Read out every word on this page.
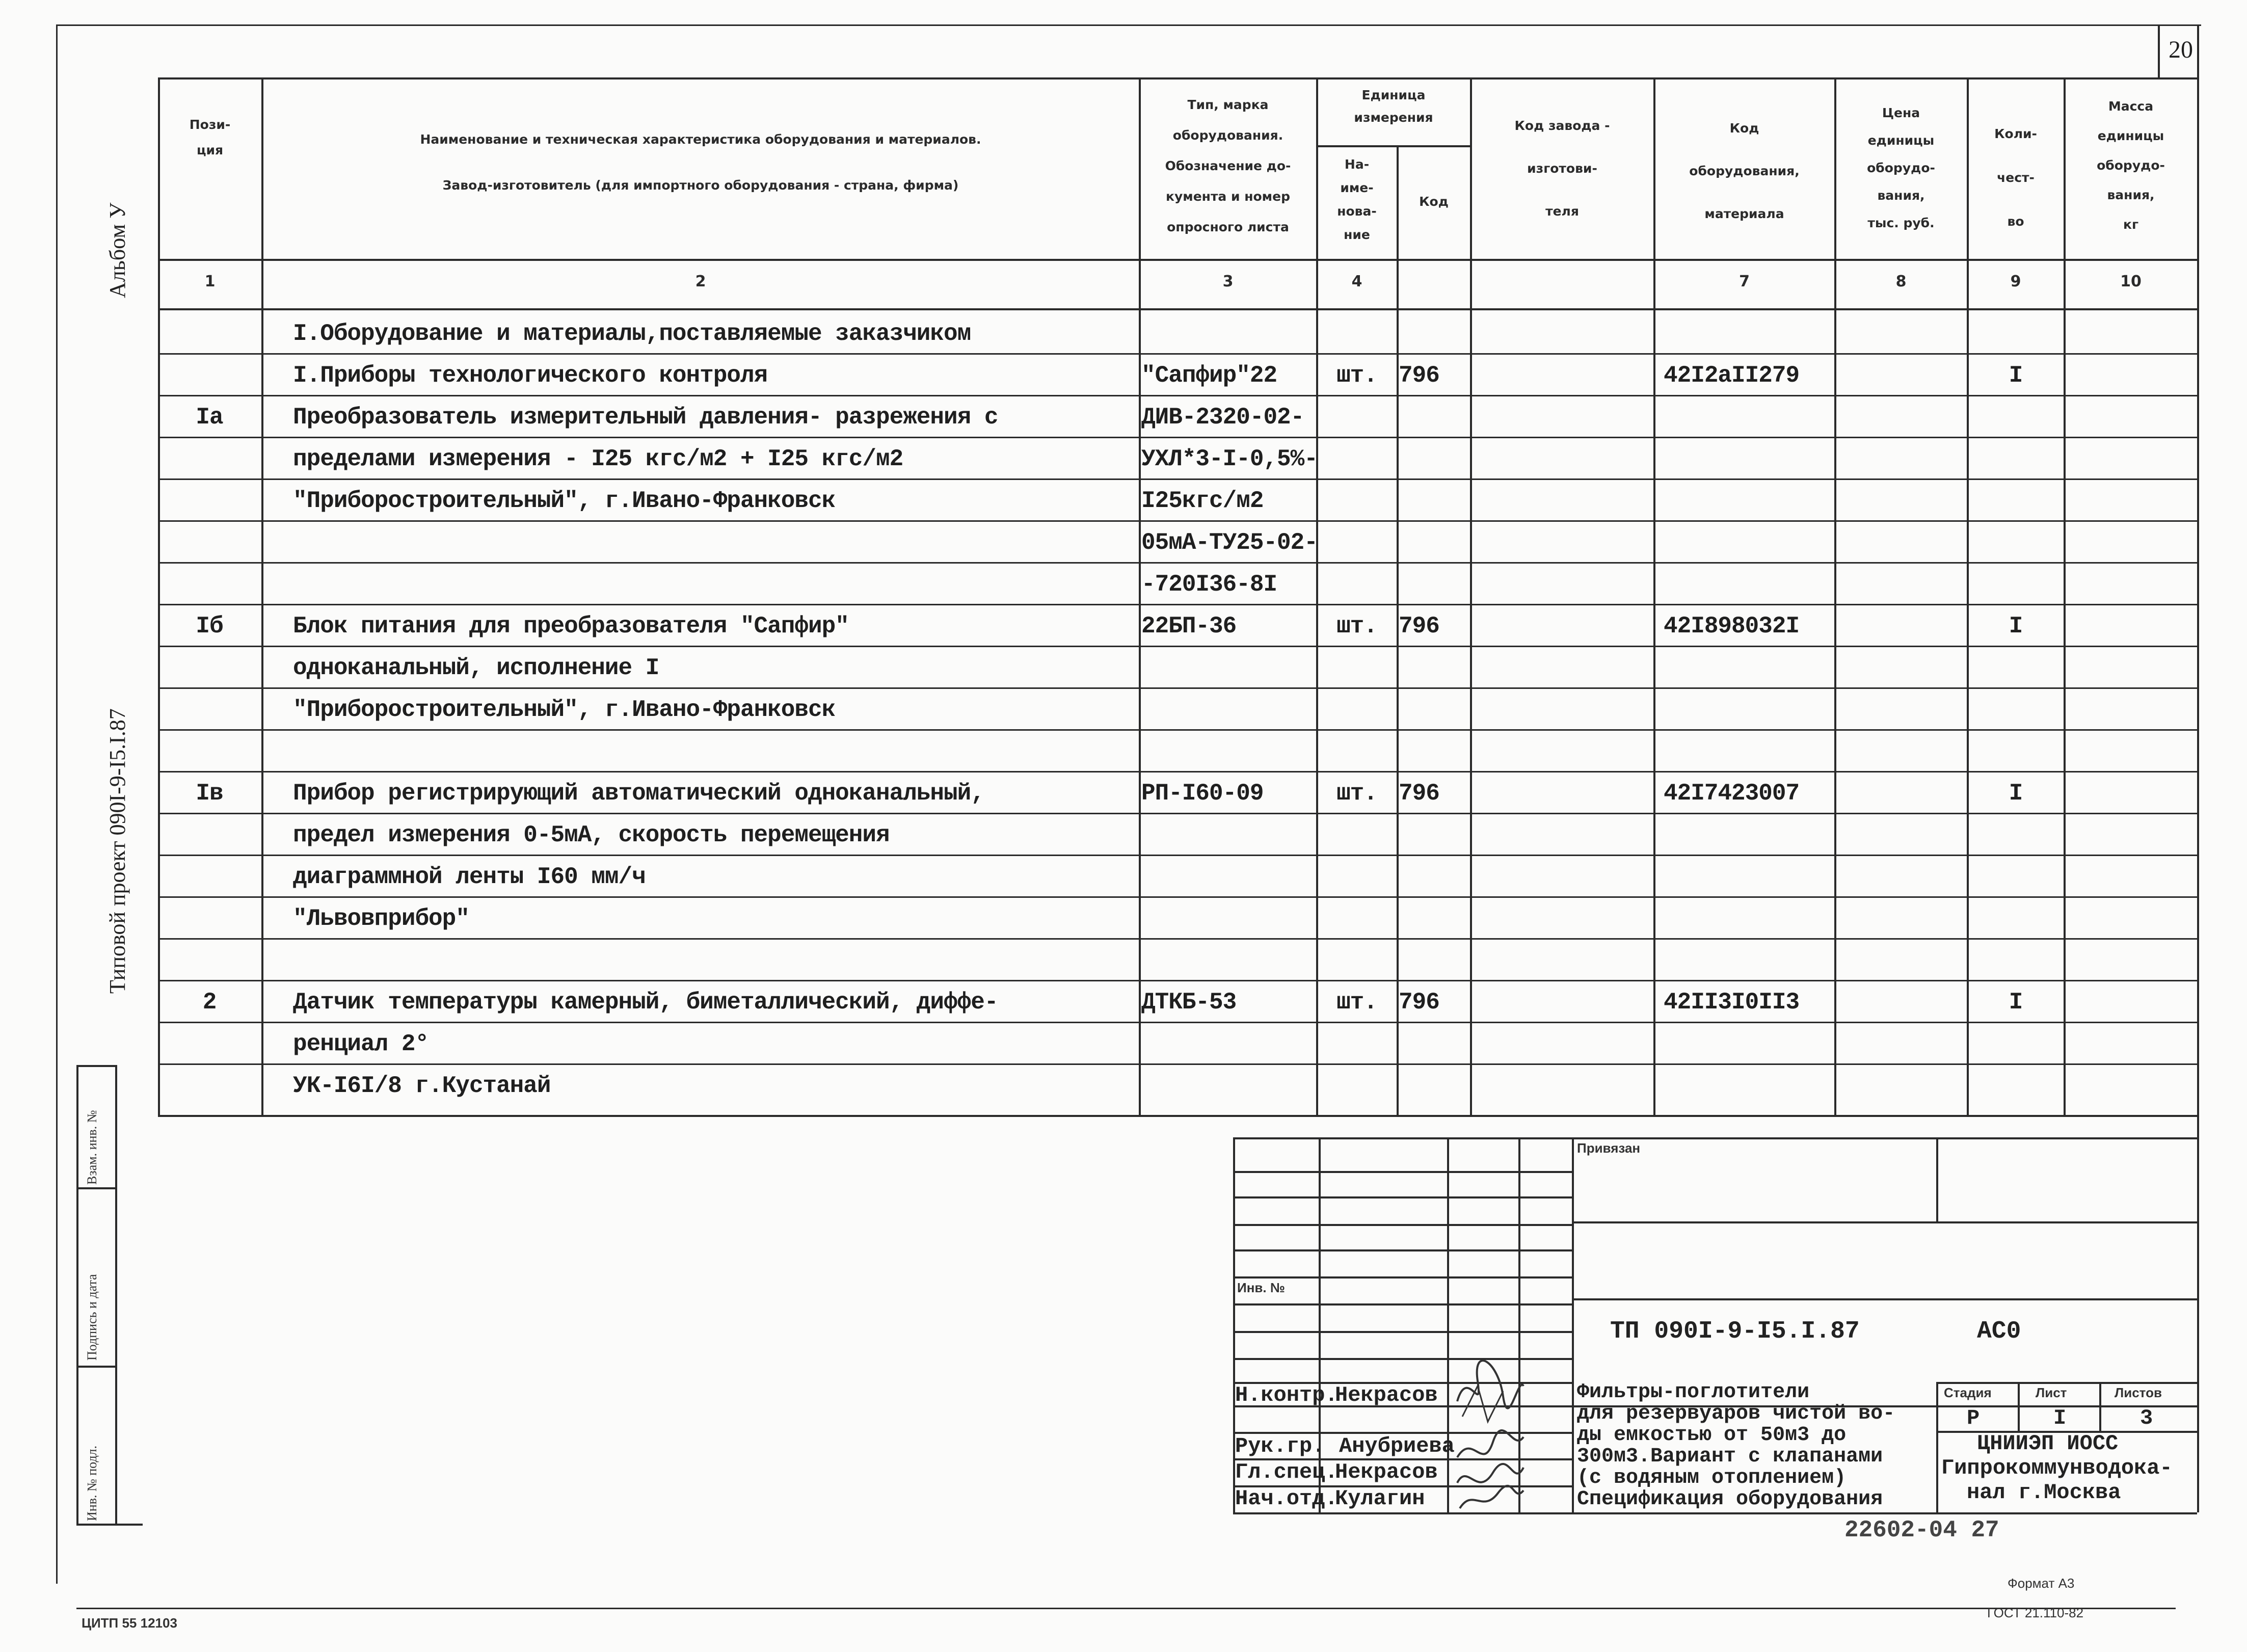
Альбом У
Типовой проект 090I-9-I5.I.87
Взам. инв. №
Подпись и дата
Инв. № подл.
20
Пози-
ция
Наименование и техническая характеристика оборудования и материалов.
Завод-изготовитель (для импортного оборудования - страна, фирма)
Тип, марка
оборудования.
Обозначение до-
кумента и номер
опросного листа
Единица
измерения
На-
име-
нова-
ние
Код
Код завода -
изготови-
теля
Код
оборудования,
материала
Цена
единицы
оборудо-
вания,
тыс. руб.
Коли-
чест-
во
Масса
единицы
оборудо-
вания,
кг
1	2	3	4	7	8	9	10
I.Оборудование и материалы,поставляемые заказчиком
I.Приборы технологического контроля	"Сапфир"22	шт. 796	42I2аII279	I
Iа	Преобразователь измерительный давления- разрежения с	ДИВ-2320-02-
пределами измерения - I25 кгс/м2 + I25 кгс/м2	УХЛ*3-I-0,5%-
"Приборостроительный", г.Ивано-Франковск	I25кгс/м2
05мА-ТУ25-02-
-720I36-8I
Iб	Блок питания для преобразователя "Сапфир"	22БП-36	шт. 796	42I898032I	I
одноканальный, исполнение I
"Приборостроительный", г.Ивано-Франковск
Iв	Прибор регистрирующий автоматический одноканальный,	РП-I60-09	шт. 796	42I7423007	I
предел измерения 0-5мА, скорость перемещения
диаграммной ленты I60 мм/ч
"Львовприбор"
2	Датчик температуры камерный, биметаллический, диффе-	ДТКБ-53	шт. 796	42II3I0II3	I
ренциал 2°
УК-I6I/8 г.Кустанай
Привязан
Инв. №
ТП 090I-9-I5.I.87	АС0
Н.контр.
Некрасов
Рук.гр. Анубриева
Гл.спец.
Некрасов
Нач.отд.
Кулагин
Фильтры-поглотители
для резервуаров чистой во-
ды емкостью от 50м3 до
300м3.Вариант с клапанами
(с водяным отоплением)
Спецификация оборудования
Стадия	Лист	Листов
Р	I	3
ЦНИИЭП ИОСС
Гипрокоммунводока-
нал г.Москва
22602-04 27
ЦИТП 55 12103
Формат А3
ГОСТ 21.110-82
